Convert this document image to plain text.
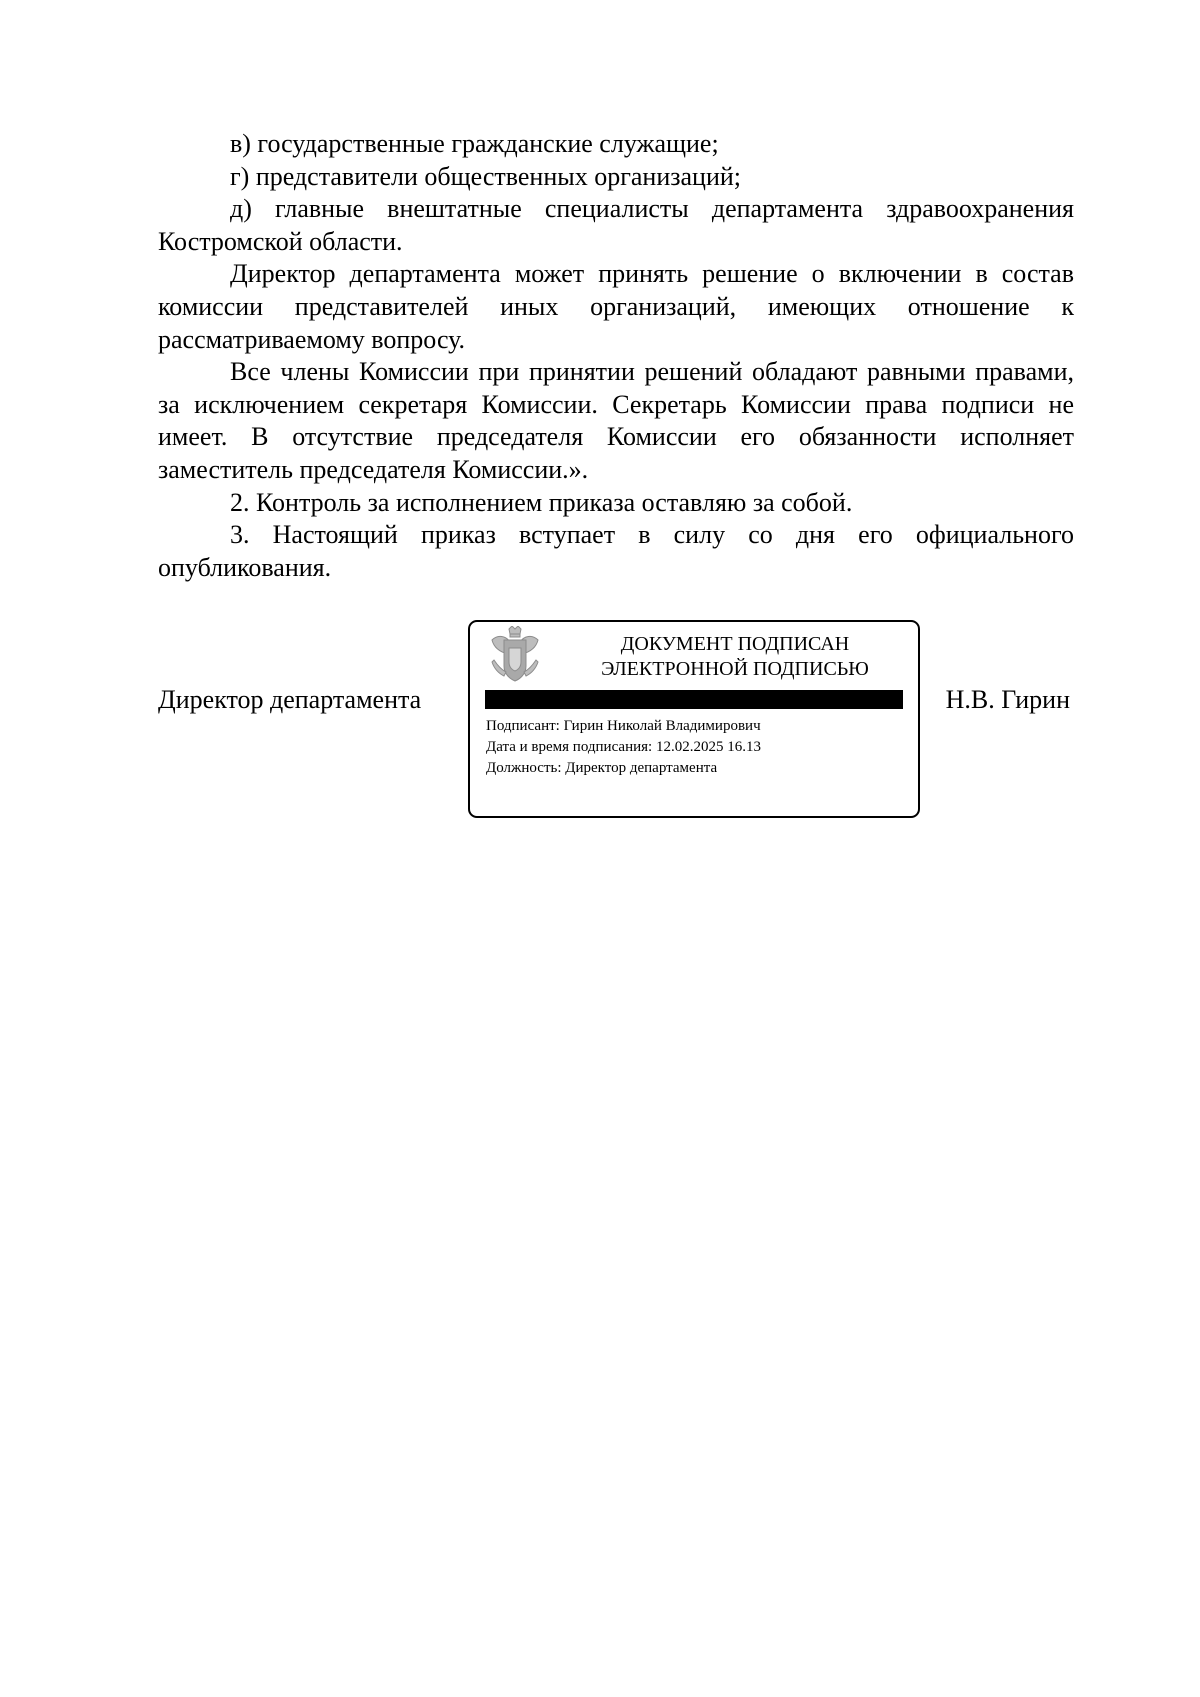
в) государственные гражданские служащие;

г) представители общественных организаций;

д) главные внештатные специалисты департамента здравоохранения Костромской области.

Директор департамента может принять решение о включении в состав комиссии представителей иных организаций, имеющих отношение к рассматриваемому вопросу.

Все члены Комиссии при принятии решений обладают равными правами, за исключением секретаря Комиссии. Секретарь Комиссии права подписи не имеет. В отсутствие председателя Комиссии его обязанности исполняет заместитель председателя Комиссии.».

2. Контроль за исполнением приказа оставляю за собой.

3. Настоящий приказ вступает в силу со дня его официального опубликования.

Директор департамента
ДОКУМЕНТ ПОДПИСАН
ЭЛЕКТРОННОЙ ПОДПИСЬЮ
Подписант: Гирин Николай Владимирович
Дата и время подписания: 12.02.2025 16.13
Должность: Директор департамента
Н.В. Гирин
